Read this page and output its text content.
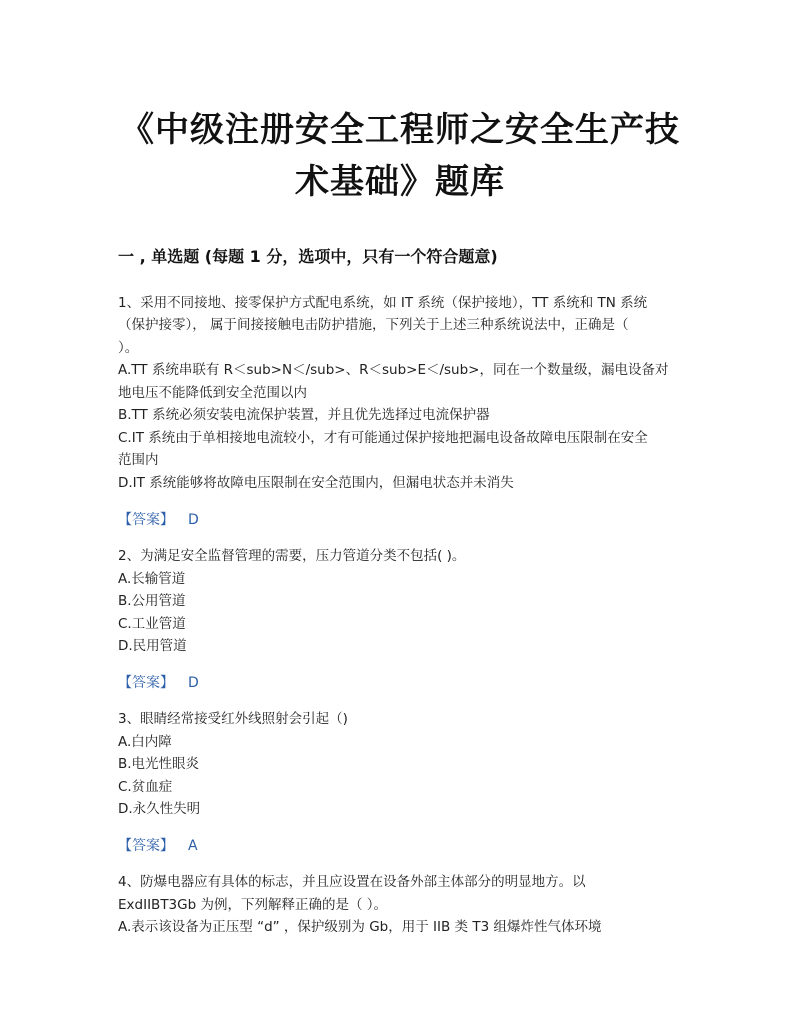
《中级注册安全工程师之安全生产技
术基础》题库

一 , 单选题 (每题 1 分，选项中，只有一个符合题意)

1、采用不同接地、接零保护方式配电系统，如 IT 系统（保护接地），TT 系统和 TN 系统

（保护接零）， 属于间接接触电击防护措施，下列关于上述三种系统说法中，正确是（

）。

A.TT 系统串联有 R＜sub>N＜/sub>、R＜sub>E＜/sub>，同在一个数量级，漏电设备对

地电压不能降低到安全范围以内

B.TT 系统必须安装电流保护装置，并且优先选择过电流保护器

C.IT 系统由于单相接地电流较小，才有可能通过保护接地把漏电设备故障电压限制在安全

范围内

D.IT 系统能够将故障电压限制在安全范围内，但漏电状态并未消失

【答案】 D

2、为满足安全监督管理的需要，压力管道分类不包括( )。

A.长输管道

B.公用管道

C.工业管道

D.民用管道

【答案】 D

3、眼睛经常接受红外线照射会引起（)

A.白内障

B.电光性眼炎

C.贫血症

D.永久性失明

【答案】 A

4、防爆电器应有具体的标志，并且应设置在设备外部主体部分的明显地方。以

ExdIIBT3Gb 为例，下列解释正确的是（ ）。

A.表示该设备为正压型 “d” ，保护级别为 Gb，用于 IIB 类 T3 组爆炸性气体环境
